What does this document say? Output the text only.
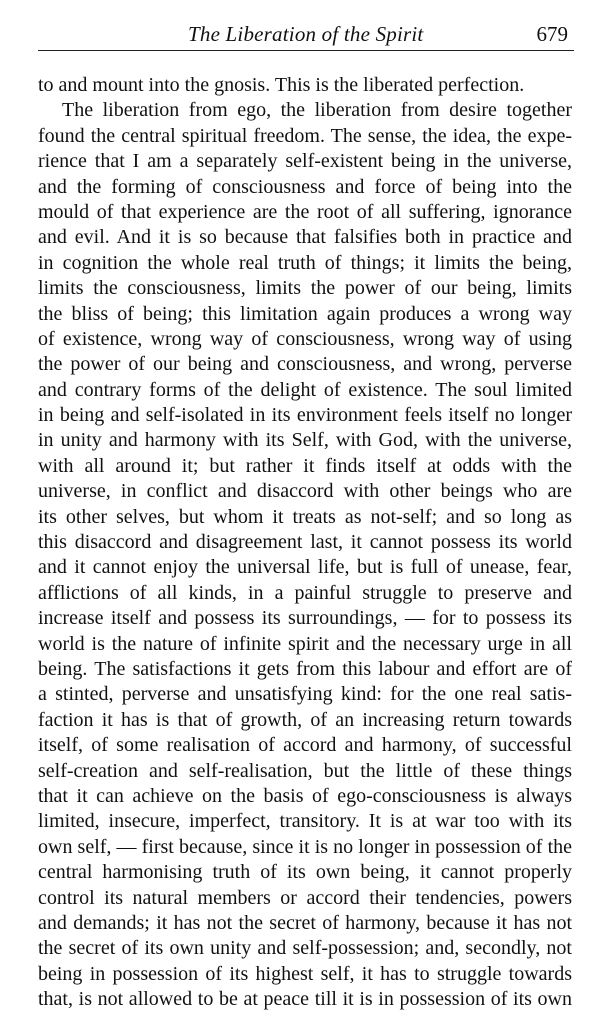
The Liberation of the Spirit	679
to and mount into the gnosis. This is the liberated perfection.
The liberation from ego, the liberation from desire together
found the central spiritual freedom. The sense, the idea, the expe-
rience that I am a separately self-existent being in the universe,
and the forming of consciousness and force of being into the
mould of that experience are the root of all suffering, ignorance
and evil. And it is so because that falsifies both in practice and
in cognition the whole real truth of things; it limits the being,
limits the consciousness, limits the power of our being, limits
the bliss of being; this limitation again produces a wrong way
of existence, wrong way of consciousness, wrong way of using
the power of our being and consciousness, and wrong, perverse
and contrary forms of the delight of existence. The soul limited
in being and self-isolated in its environment feels itself no longer
in unity and harmony with its Self, with God, with the universe,
with all around it; but rather it finds itself at odds with the
universe, in conflict and disaccord with other beings who are
its other selves, but whom it treats as not-self; and so long as
this disaccord and disagreement last, it cannot possess its world
and it cannot enjoy the universal life, but is full of unease, fear,
afflictions of all kinds, in a painful struggle to preserve and
increase itself and possess its surroundings, — for to possess its
world is the nature of infinite spirit and the necessary urge in all
being. The satisfactions it gets from this labour and effort are of
a stinted, perverse and unsatisfying kind: for the one real satis-
faction it has is that of growth, of an increasing return towards
itself, of some realisation of accord and harmony, of successful
self-creation and self-realisation, but the little of these things
that it can achieve on the basis of ego-consciousness is always
limited, insecure, imperfect, transitory. It is at war too with its
own self, — first because, since it is no longer in possession of the
central harmonising truth of its own being, it cannot properly
control its natural members or accord their tendencies, powers
and demands; it has not the secret of harmony, because it has not
the secret of its own unity and self-possession; and, secondly, not
being in possession of its highest self, it has to struggle towards
that, is not allowed to be at peace till it is in possession of its own
